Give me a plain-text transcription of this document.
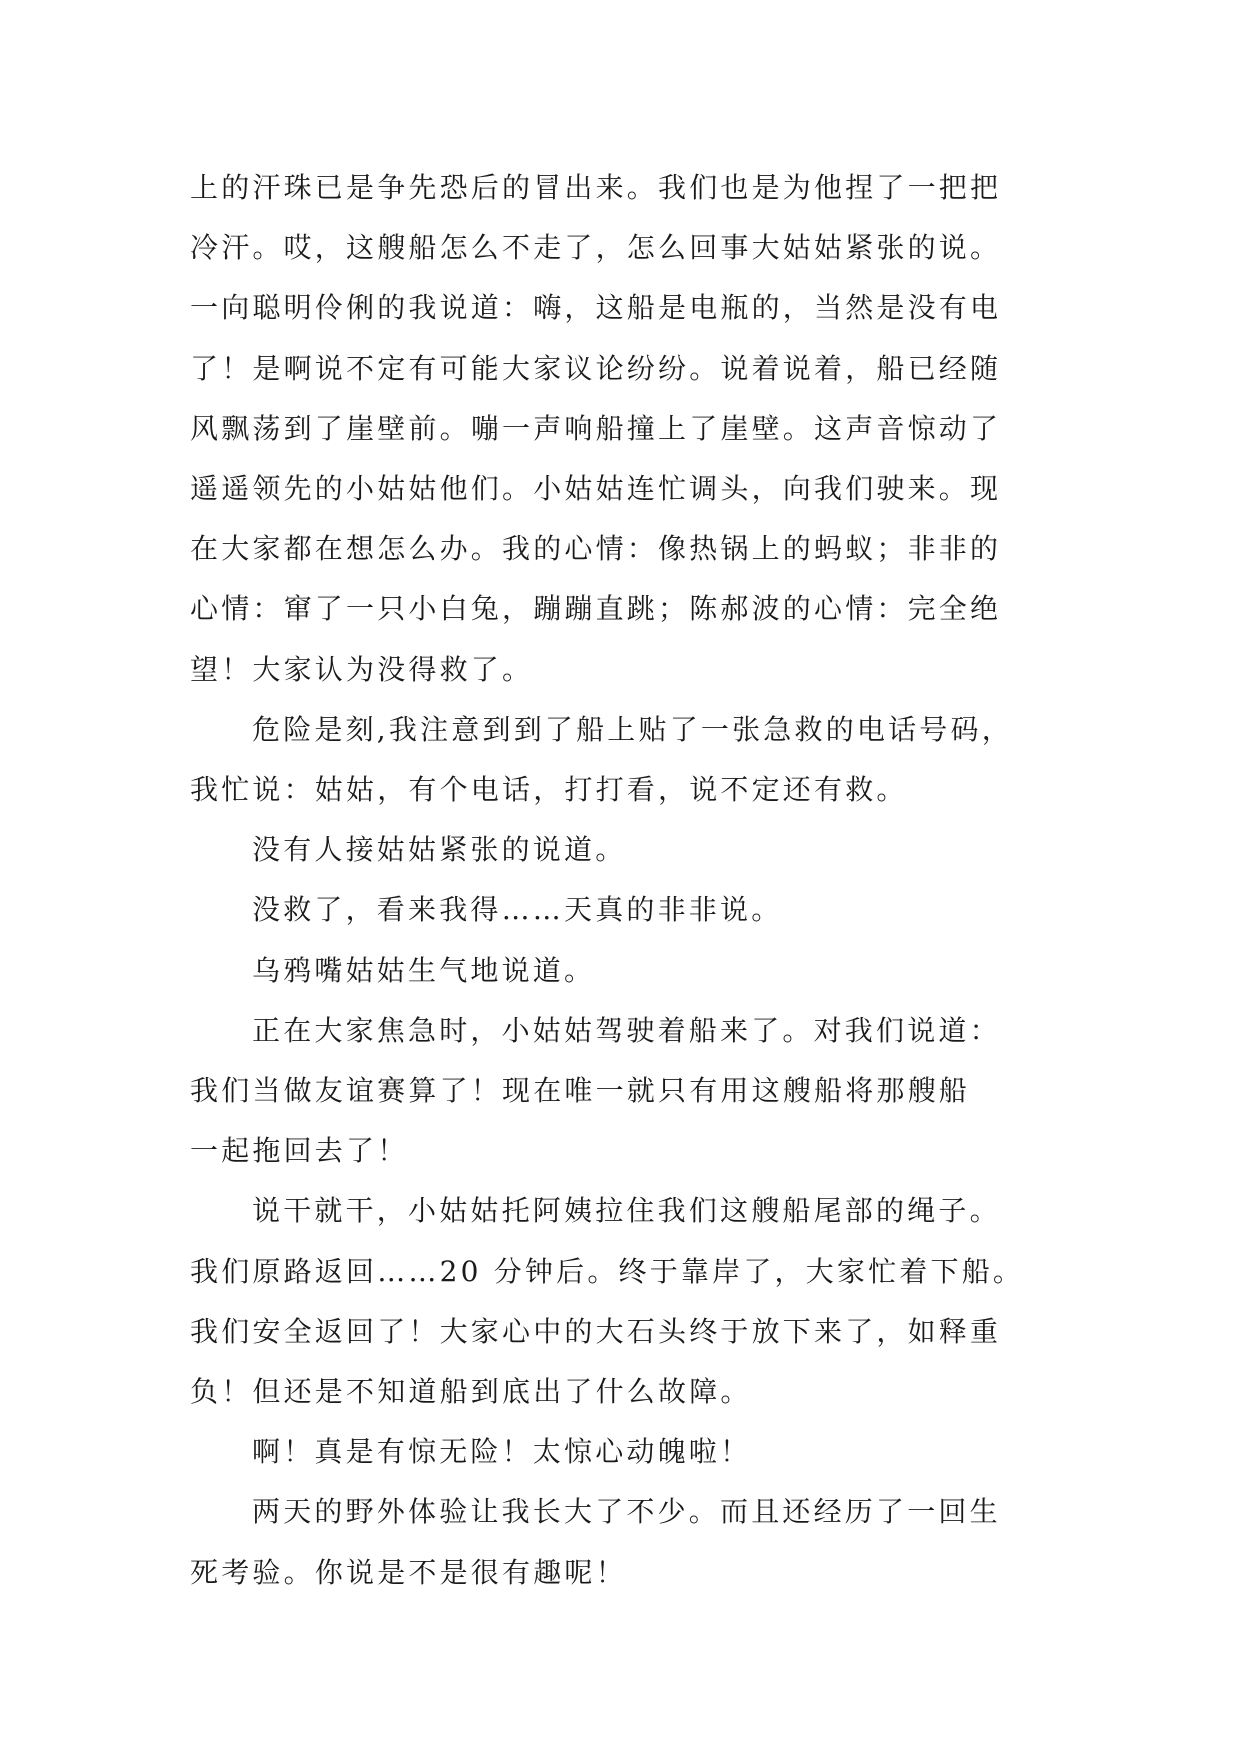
上的汗珠已是争先恐后的冒出来。我们也是为他捏了一把把
冷汗。哎，这艘船怎么不走了，怎么回事大姑姑紧张的说。
一向聪明伶俐的我说道：嗨，这船是电瓶的，当然是没有电
了！是啊说不定有可能大家议论纷纷。说着说着，船已经随
风飘荡到了崖壁前。嘣一声响船撞上了崖壁。这声音惊动了
遥遥领先的小姑姑他们。小姑姑连忙调头，向我们驶来。现
在大家都在想怎么办。我的心情：像热锅上的蚂蚁；非非的
心情：窜了一只小白兔，蹦蹦直跳；陈郝波的心情：完全绝
望！大家认为没得救了。

危险是刻,我注意到到了船上贴了一张急救的电话号码，
我忙说：姑姑，有个电话，打打看，说不定还有救。

没有人接姑姑紧张的说道。

没救了，看来我得……天真的非非说。

乌鸦嘴姑姑生气地说道。

正在大家焦急时，小姑姑驾驶着船来了。对我们说道：
我们当做友谊赛算了！现在唯一就只有用这艘船将那艘船
一起拖回去了！

说干就干，小姑姑托阿姨拉住我们这艘船尾部的绳子。
我们原路返回……20 分钟后。终于靠岸了，大家忙着下船。
我们安全返回了！大家心中的大石头终于放下来了，如释重
负！但还是不知道船到底出了什么故障。

啊！真是有惊无险！太惊心动魄啦！

两天的野外体验让我长大了不少。而且还经历了一回生
死考验。你说是不是很有趣呢！
